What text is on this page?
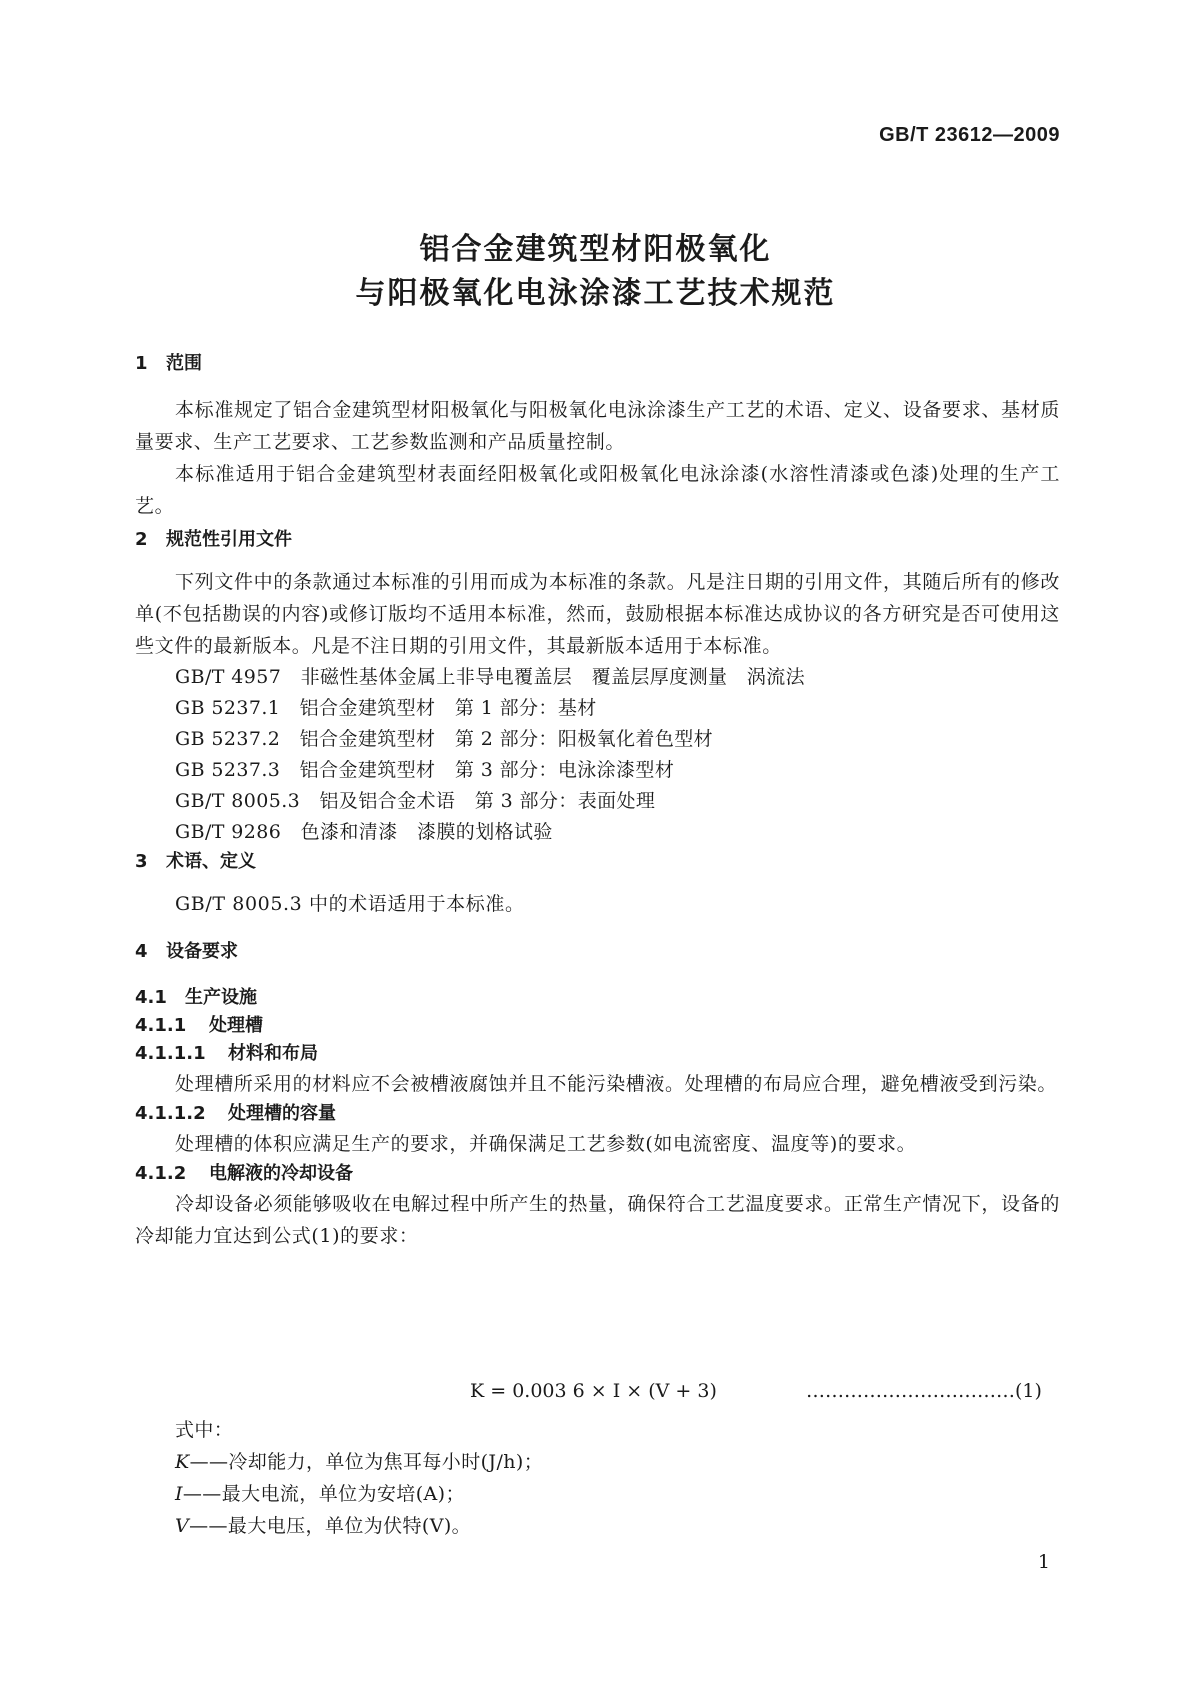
GB/T 23612—2009
铝合金建筑型材阳极氧化
与阳极氧化电泳涂漆工艺技术规范
1 范围
本标准规定了铝合金建筑型材阳极氧化与阳极氧化电泳涂漆生产工艺的术语、定义、设备要求、基材质量要求、生产工艺要求、工艺参数监测和产品质量控制。
本标准适用于铝合金建筑型材表面经阳极氧化或阳极氧化电泳涂漆(水溶性清漆或色漆)处理的生产工艺。
2 规范性引用文件
下列文件中的条款通过本标准的引用而成为本标准的条款。凡是注日期的引用文件，其随后所有的修改单(不包括勘误的内容)或修订版均不适用本标准，然而，鼓励根据本标准达成协议的各方研究是否可使用这些文件的最新版本。凡是不注日期的引用文件，其最新版本适用于本标准。
GB/T 4957　非磁性基体金属上非导电覆盖层　覆盖层厚度测量　涡流法
GB 5237.1　铝合金建筑型材　第 1 部分：基材
GB 5237.2　铝合金建筑型材　第 2 部分：阳极氧化着色型材
GB 5237.3　铝合金建筑型材　第 3 部分：电泳涂漆型材
GB/T 8005.3　铝及铝合金术语　第 3 部分：表面处理
GB/T 9286　色漆和清漆　漆膜的划格试验
3 术语、定义
GB/T 8005.3 中的术语适用于本标准。
4 设备要求
4.1 生产设施
4.1.1 处理槽
4.1.1.1 材料和布局
处理槽所采用的材料应不会被槽液腐蚀并且不能污染槽液。处理槽的布局应合理，避免槽液受到污染。
4.1.1.2 处理槽的容量
处理槽的体积应满足生产的要求，并确保满足工艺参数(如电流密度、温度等)的要求。
4.1.2 电解液的冷却设备
冷却设备必须能够吸收在电解过程中所产生的热量，确保符合工艺温度要求。正常生产情况下，设备的冷却能力宜达到公式(1)的要求：
K = 0.003 6 × I × (V + 3)	……………………………(1)
式中：
K——冷却能力，单位为焦耳每小时(J/h)；
I——最大电流，单位为安培(A)；
V——最大电压，单位为伏特(V)。
1
